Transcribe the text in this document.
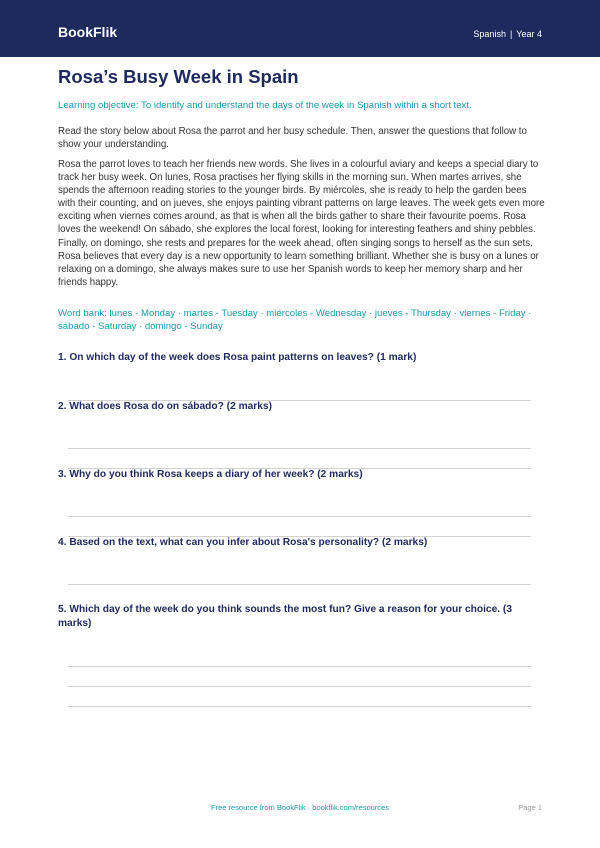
BookFlik	Spanish | Year 4
Rosa’s Busy Week in Spain
Learning objective: To identify and understand the days of the week in Spanish within a short text.

Read the story below about Rosa the parrot and her busy schedule. Then, answer the questions that follow to show your understanding.

Rosa the parrot loves to teach her friends new words. She lives in a colourful aviary and keeps a special diary to track her busy week. On lunes, Rosa practises her flying skills in the morning sun. When martes arrives, she spends the afternoon reading stories to the younger birds. By miércoles, she is ready to help the garden bees with their counting, and on jueves, she enjoys painting vibrant patterns on large leaves. The week gets even more exciting when viernes comes around, as that is when all the birds gather to share their favourite poems. Rosa loves the weekend! On sábado, she explores the local forest, looking for interesting feathers and shiny pebbles. Finally, on domingo, she rests and prepares for the week ahead, often singing songs to herself as the sun sets. Rosa believes that every day is a new opportunity to learn something brilliant. Whether she is busy on a lunes or relaxing on a domingo, she always makes sure to use her Spanish words to keep her memory sharp and her friends happy.

Word bank: lunes - Monday · martes - Tuesday · miércoles - Wednesday · jueves - Thursday · viernes - Friday · sábado - Saturday · domingo - Sunday

1. On which day of the week does Rosa paint patterns on leaves? (1 mark)

2. What does Rosa do on sábado? (2 marks)

3. Why do you think Rosa keeps a diary of her week? (2 marks)

4. Based on the text, what can you infer about Rosa's personality? (2 marks)

5. Which day of the week do you think sounds the most fun? Give a reason for your choice. (3 marks)

Free resource from BookFlik · bookflik.com/resources	Page 1
